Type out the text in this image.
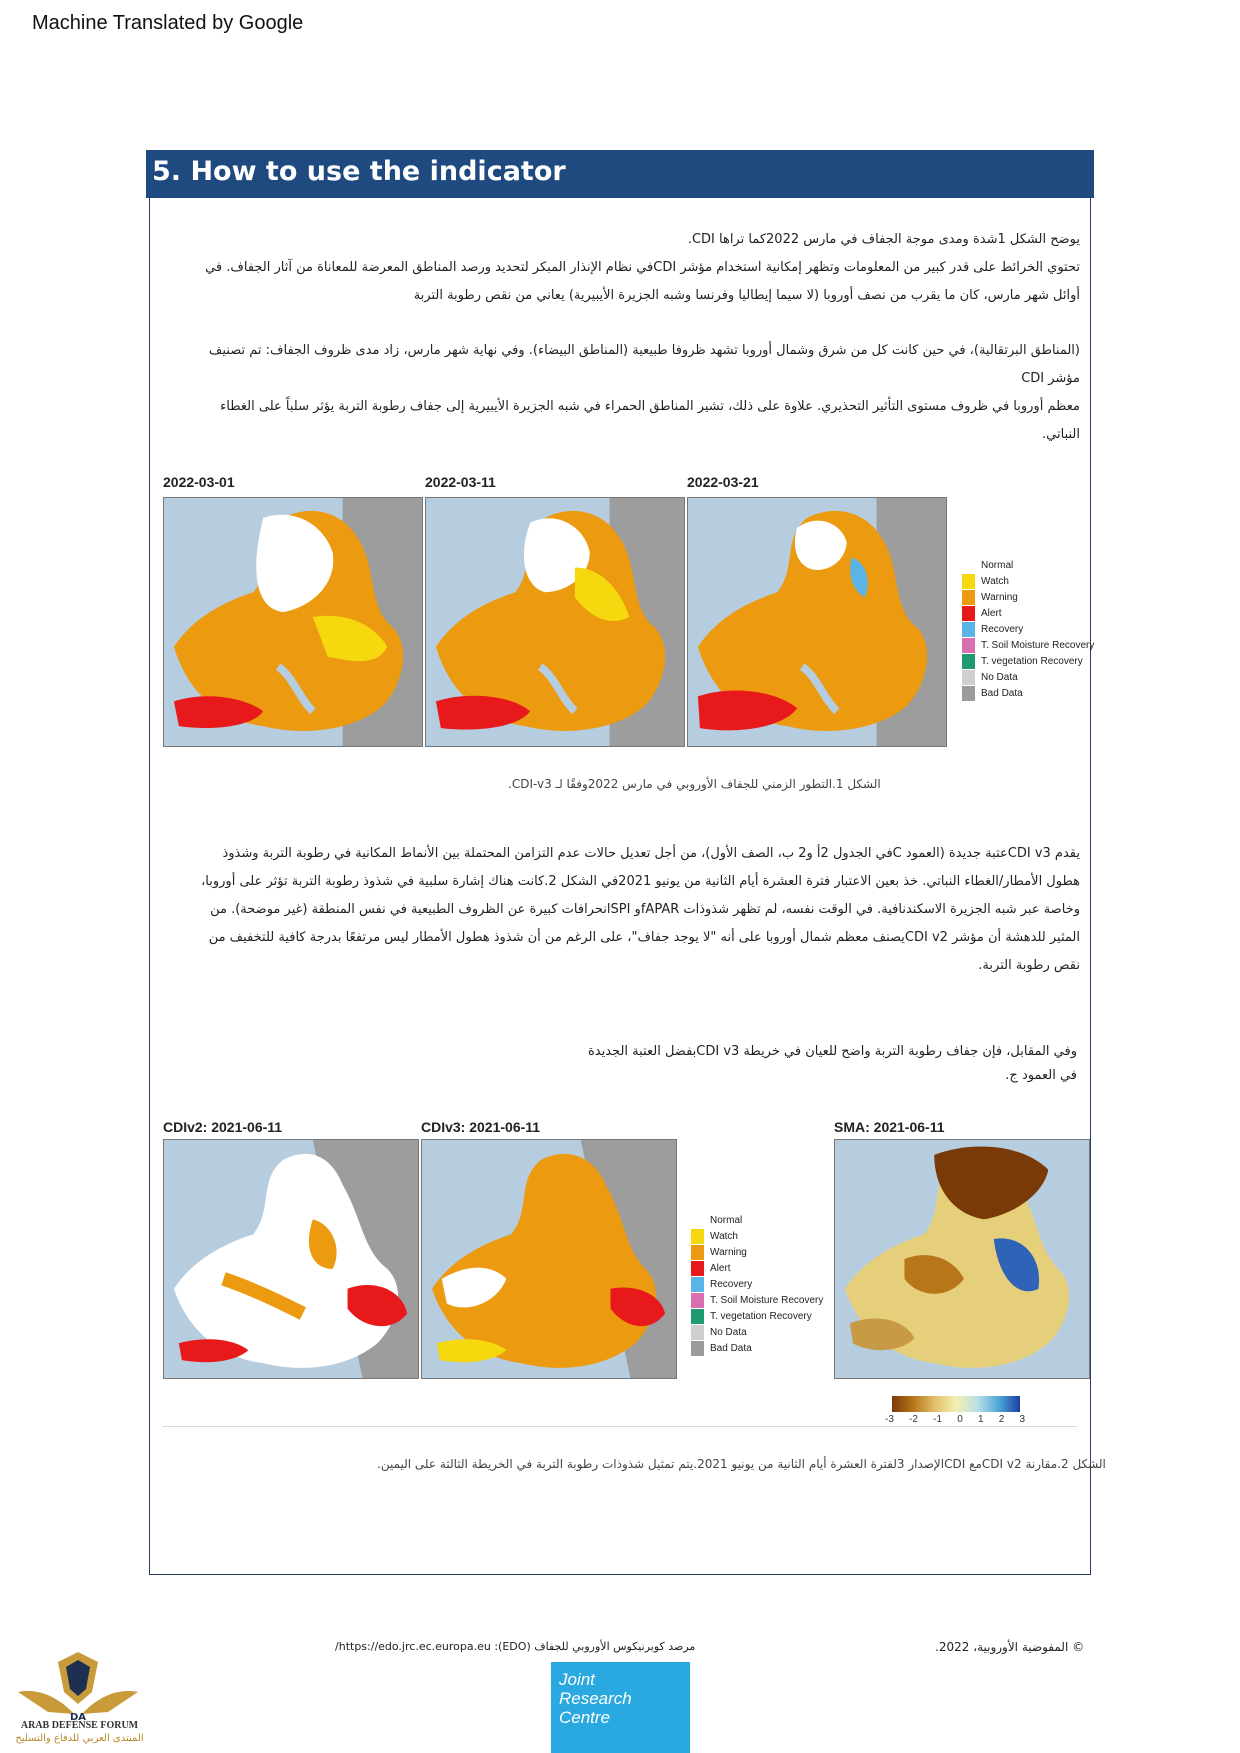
Machine Translated by Google
5. How to use the indicator
يوضح الشكل 1شدة ومدى موجة الجفاف في مارس 2022كما تراها CDI.
تحتوي الخرائط على قدر كبير من المعلومات وتظهر إمكانية استخدام مؤشر CDIفي نظام الإنذار المبكر لتحديد ورصد المناطق المعرضة للمعاناة من آثار الجفاف. في
أوائل شهر مارس، كان ما يقرب من نصف أوروبا (لا سيما إيطاليا وفرنسا وشبه الجزيرة الأيبيرية) يعاني من نقص رطوبة التربة
(المناطق البرتقالية)، في حين كانت كل من شرق وشمال أوروبا تشهد ظروفا طبيعية (المناطق البيضاء). وفي نهاية شهر مارس، زاد مدى ظروف الجفاف: تم تصنيف
مؤشر CDI
معظم أوروبا في ظروف مستوى التأثير التحذيري. علاوة على ذلك، تشير المناطق الحمراء في شبه الجزيرة الأيبيرية إلى جفاف رطوبة التربة يؤثر سلباً على الغطاء
النباتي.
2022-03-01	2022-03-11	2022-03-21
Normal
Watch
Warning
Alert
Recovery
T. Soil Moisture Recovery
T. vegetation Recovery
No Data
Bad Data
الشكل 1.التطور الزمني للجفاف الأوروبي في مارس 2022وفقًا لـ CDI-v3.
يقدم CDI v3عتبة جديدة (العمود Cفي الجدول 2أ و2 ب، الصف الأول)، من أجل تعديل حالات عدم التزامن المحتملة بين الأنماط المكانية في رطوبة التربة وشذوذ
هطول الأمطار/الغطاء النباتي. خذ بعين الاعتبار فترة العشرة أيام الثانية من يونيو 2021في الشكل 2.كانت هناك إشارة سلبية في شذوذ رطوبة التربة تؤثر على أوروبا،
وخاصة عبر شبه الجزيرة الاسكندنافية. في الوقت نفسه، لم تظهر شذوذات fAPARو SPIانحرافات كبيرة عن الظروف الطبيعية في نفس المنطقة (غير موضحة). من
المثير للدهشة أن مؤشر CDI v2يصنف معظم شمال أوروبا على أنه "لا يوجد جفاف"، على الرغم من أن شذوذ هطول الأمطار ليس مرتفعًا بدرجة كافية للتخفيف من
نقص رطوبة التربة.
وفي المقابل، فإن جفاف رطوبة التربة واضح للعيان في خريطة CDI v3بفضل العتبة الجديدة
في العمود ج.
CDIv2: 2021-06-11	CDIv3: 2021-06-11	SMA: 2021-06-11
Normal
Watch
Warning
Alert
Recovery
T. Soil Moisture Recovery
T. vegetation Recovery
No Data
Bad Data
-3 -2 -1 0 1 2 3
الشكل 2.مقارنة CDI v2مع CDIالإصدار 3لفترة العشرة أيام الثانية من يونيو 2021.يتم تمثيل شذوذات رطوبة التربة في الخريطة الثالثة على اليمين.
مرصد كوبرنيكوس الأوروبي للجفاف (EDO): https://edo.jrc.ec.europa.eu/	© المفوضية الأوروبية، 2022.
Joint
Research
Centre
DA
ARAB DEFENSE FORUM
المنتدى العربي للدفاع والتسليح
